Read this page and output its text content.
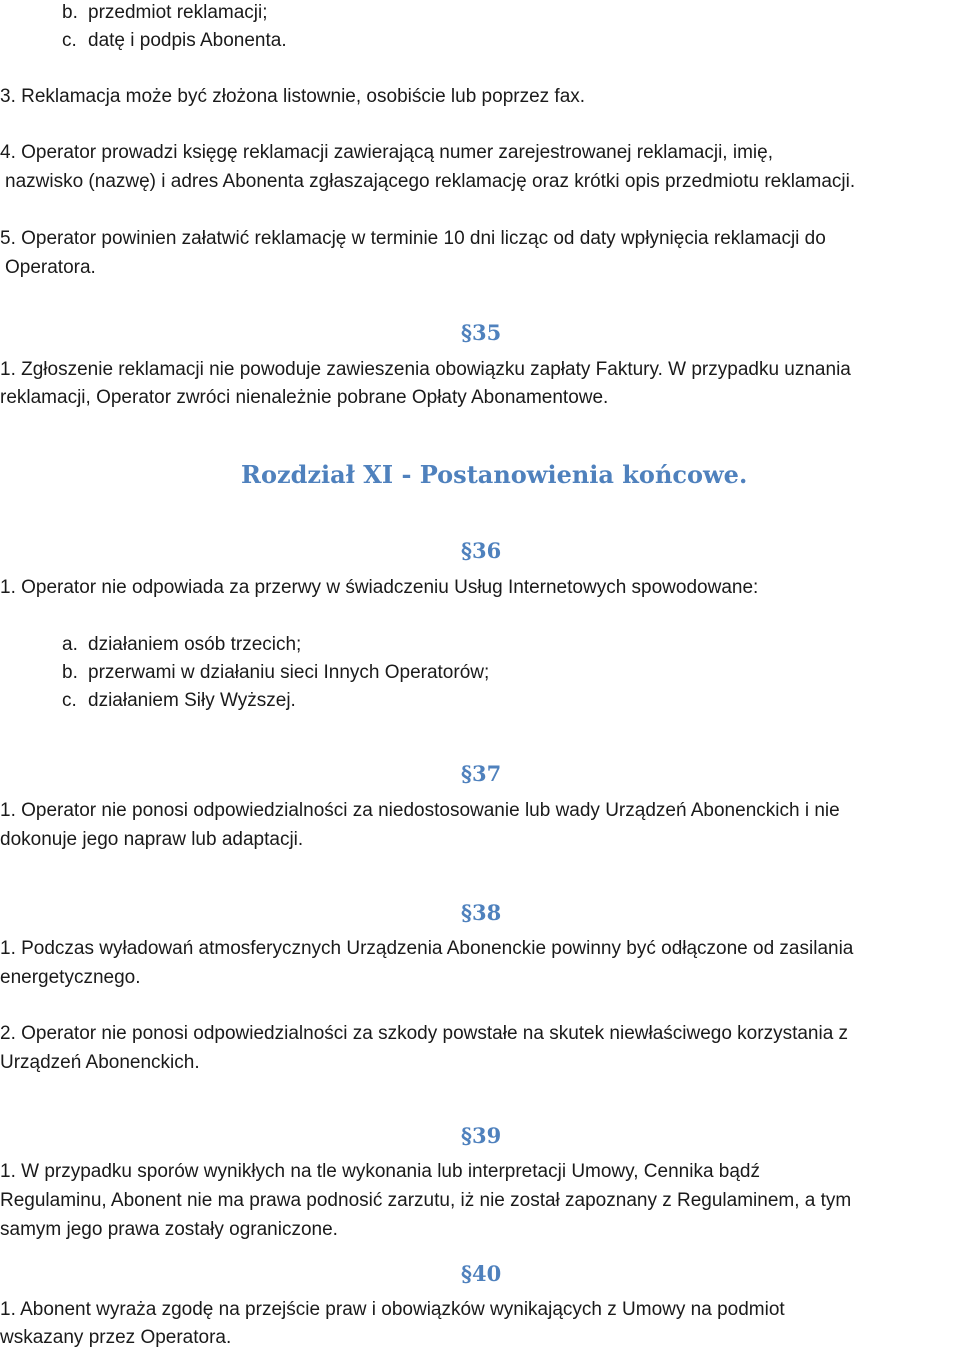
b. przedmiot reklamacji;
c. datę i podpis Abonenta.
3. Reklamacja może być złożona listownie, osobiście lub poprzez fax.
4. Operator prowadzi księgę reklamacji zawierającą numer zarejestrowanej reklamacji, imię,
nazwisko (nazwę) i adres Abonenta zgłaszającego reklamację oraz krótki opis przedmiotu reklamacji.
5. Operator powinien załatwić reklamację w terminie 10 dni licząc od daty wpłynięcia reklamacji do
Operatora.
§35
1. Zgłoszenie reklamacji nie powoduje zawieszenia obowiązku zapłaty Faktury. W przypadku uznania
reklamacji, Operator zwróci nienależnie pobrane Opłaty Abonamentowe.
Rozdział XI - Postanowienia końcowe.
§36
1. Operator nie odpowiada za przerwy w świadczeniu Usług Internetowych spowodowane:
a. działaniem osób trzecich;
b. przerwami w działaniu sieci Innych Operatorów;
c. działaniem Siły Wyższej.
§37
1. Operator nie ponosi odpowiedzialności za niedostosowanie lub wady Urządzeń Abonenckich i nie
dokonuje jego napraw lub adaptacji.
§38
1. Podczas wyładowań atmosferycznych Urządzenia Abonenckie powinny być odłączone od zasilania
energetycznego.
2. Operator nie ponosi odpowiedzialności za szkody powstałe na skutek niewłaściwego korzystania z
Urządzeń Abonenckich.
§39
1. W przypadku sporów wynikłych na tle wykonania lub interpretacji Umowy, Cennika bądź
Regulaminu, Abonent nie ma prawa podnosić zarzutu, iż nie został zapoznany z Regulaminem, a tym
samym jego prawa zostały ograniczone.
§40
1. Abonent wyraża zgodę na przejście praw i obowiązków wynikających z Umowy na podmiot
wskazany przez Operatora.
